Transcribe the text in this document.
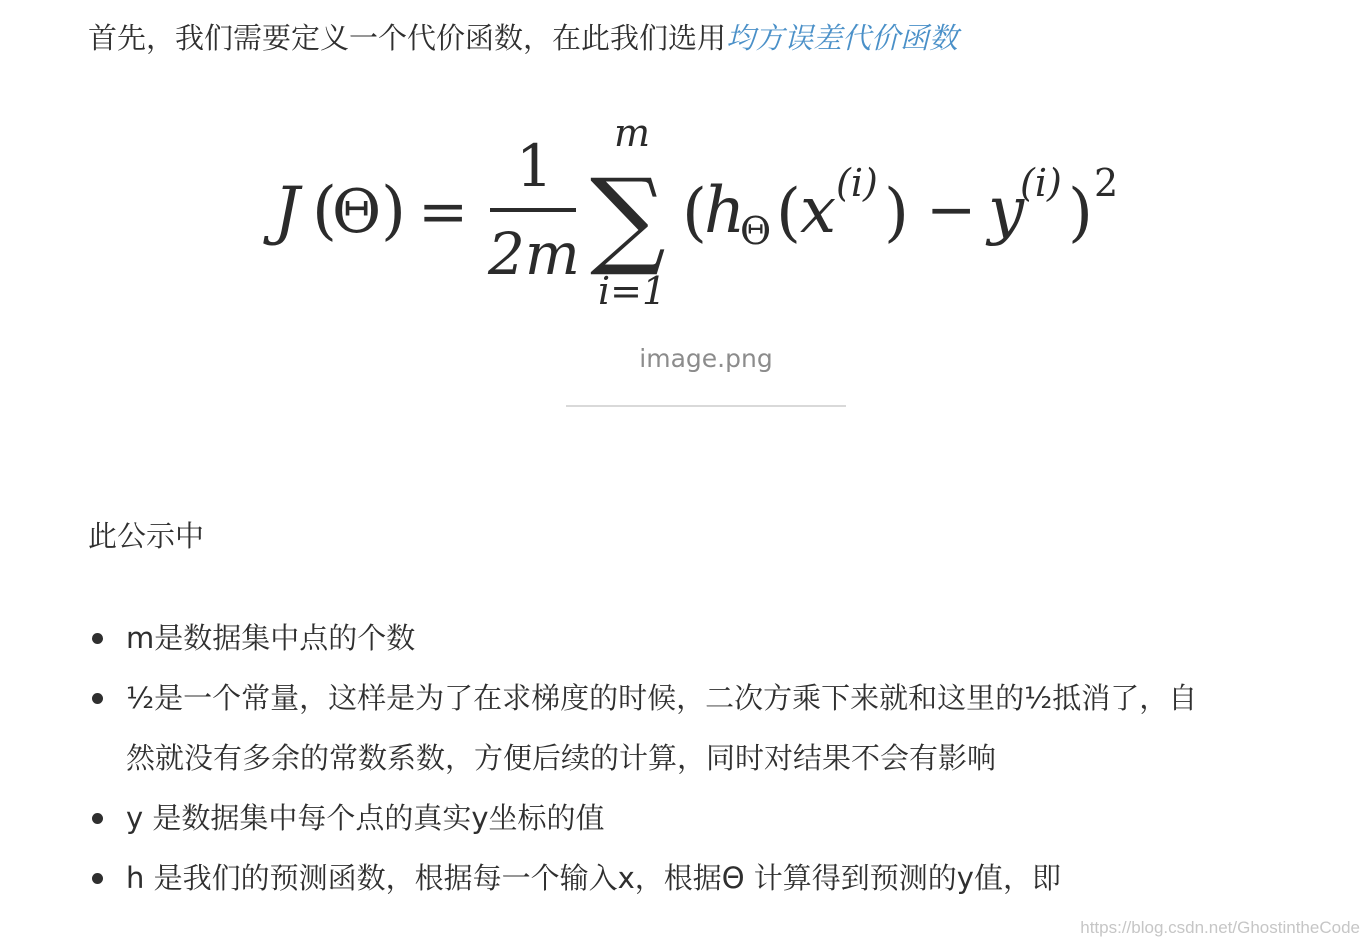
首先，我们需要定义一个代价函数，在此我们选用均方误差代价函数
J (
Θ ) =
1
2m
m
∑
i=1
(
h
Θ ( x (i) ) − y
(i) ) 2
image.png
此公示中
m是数据集中点的个数
½是一个常量，这样是为了在求梯度的时候，二次方乘下来就和这里的½抵消了，自
然就没有多余的常数系数，方便后续的计算，同时对结果不会有影响
y 是数据集中每个点的真实y坐标的值
h 是我们的预测函数，根据每一个输入x，根据Θ 计算得到预测的y值，即
https://blog.csdn.net/GhostintheCode
